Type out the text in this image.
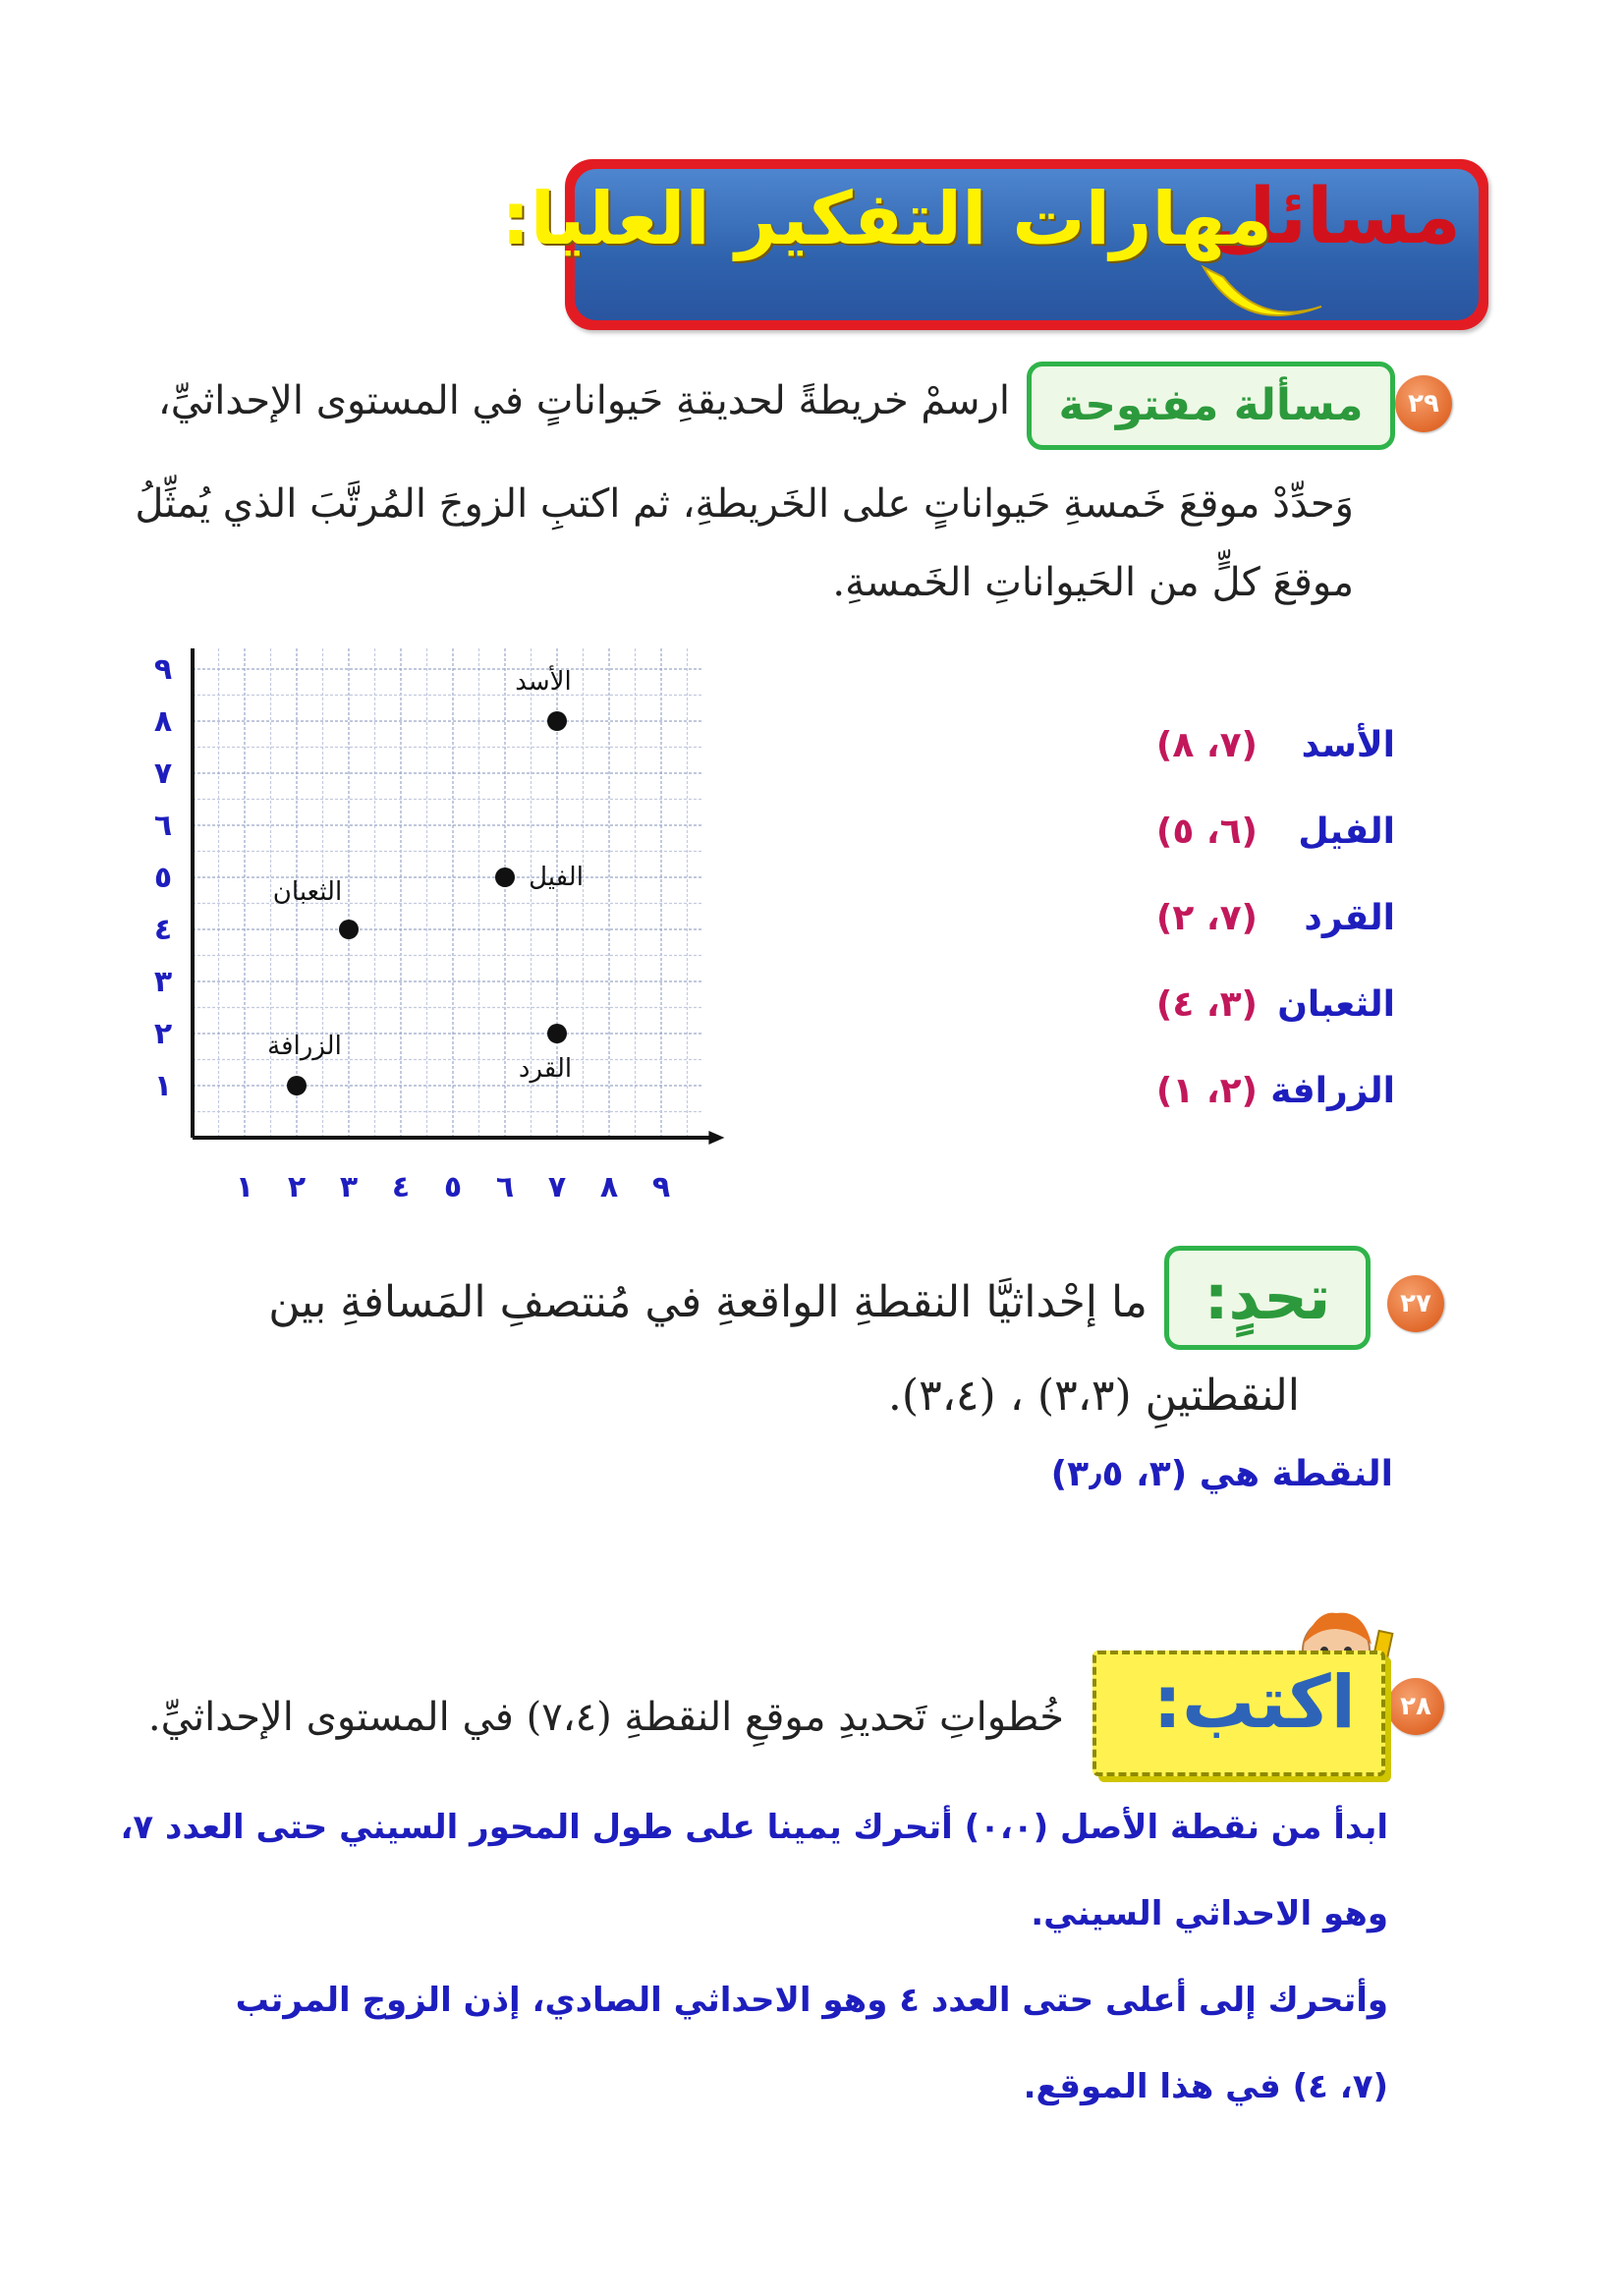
مسائل
مهارات التفكير العليا:
٢٩
مسألة مفتوحة
ارسمْ خريطةً لحديقةِ حَيواناتٍ في المستوى الإحداثيِّ،
وَحدِّدْ موقعَ خَمسةِ حَيواناتٍ على الخَريطةِ، ثم اكتبِ الزوجَ المُرتَّبَ الذي يُمثِّلُ
موقعَ كلٍّ من الحَيواناتِ الخَمسةِ.
١ ٢ ٣ ٤ ٥ ٦ ٧ ٨ ٩
١
٢
٣
٤
٥
٦
٧
٨
٩	الأسد
الفيل
الثعبان
القرد
الزرافة
الأسد
(٧، ٨)
الفيل
(٦، ٥)
القرد
(٧، ٢)
الثعبان
(٣، ٤)
الزرافة
(٢، ١)
٢٧
تحدٍ:
ما إحْداثيَّا النقطةِ الواقعةِ في مُنتصفِ المَسافةِ بين
النقطتينِ (٣،٣) ، (٣،٤).
النقطة هي (٣، ٣٫٥)
٢٨
اكتب:
خُطواتِ تَحديدِ موقعِ النقطةِ (٧،٤) في المستوى الإحداثيِّ.
ابدأ من نقطة الأصل (٠،٠) أتحرك يمينا على طول المحور السيني حتى العدد ٧،
وهو الاحداثي السيني.
وأتحرك إلى أعلى حتى العدد ٤ وهو الاحداثي الصادي، إذن الزوج المرتب
(٧، ٤) في هذا الموقع.
